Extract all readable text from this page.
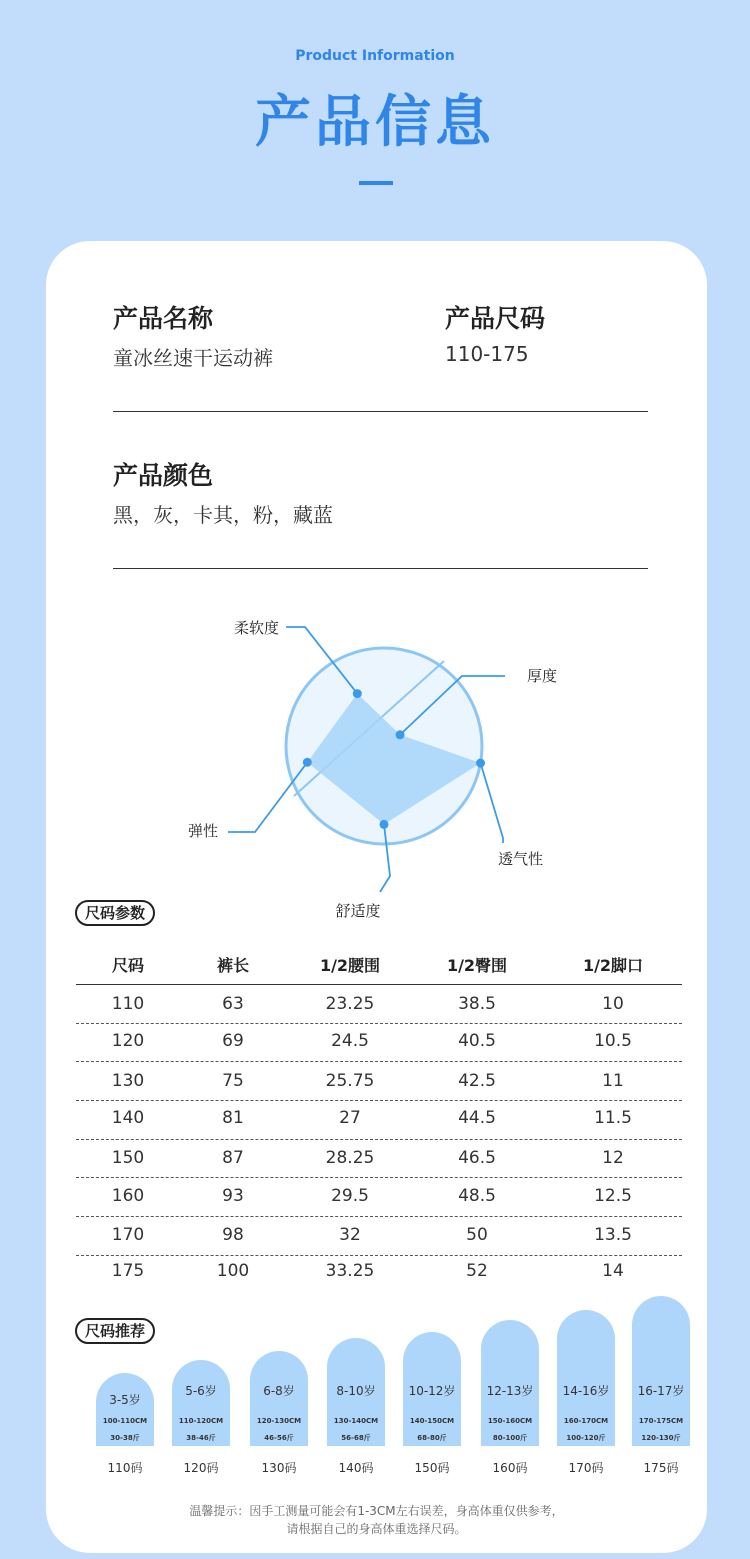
Product Information
产品信息
产品名称
童冰丝速干运动裤
产品尺码
110-175
产品颜色
黑，灰，卡其，粉，藏蓝
柔软度
厚度
透气性
舒适度
弹性
尺码参数
尺码	裤长	1/2腰围	1/2臀围	1/2脚口
110	63	23.25	38.5	10
120	69	24.5	40.5	10.5
130	75	25.75	42.5	11
140	81	27	44.5	11.5
150	87	28.25	46.5	12
160	93	29.5	48.5	12.5
170	98	32	50	13.5
175	100	33.25	52	14
尺码推荐
3-5岁
100-110CM
30-38斤
110码
5-6岁
110-120CM
38-46斤
120码
6-8岁
120-130CM
46-56斤
130码
8-10岁
130-140CM
56-68斤
140码
10-12岁
140-150CM
68-80斤
150码
12-13岁
150-160CM
80-100斤
160码
14-16岁
160-170CM
100-120斤
170码
16-17岁
170-175CM
120-130斤
175码
温馨提示：因手工测量可能会有1-3CM左右误差，身高体重仅供参考，
请根据自己的身高体重选择尺码。
